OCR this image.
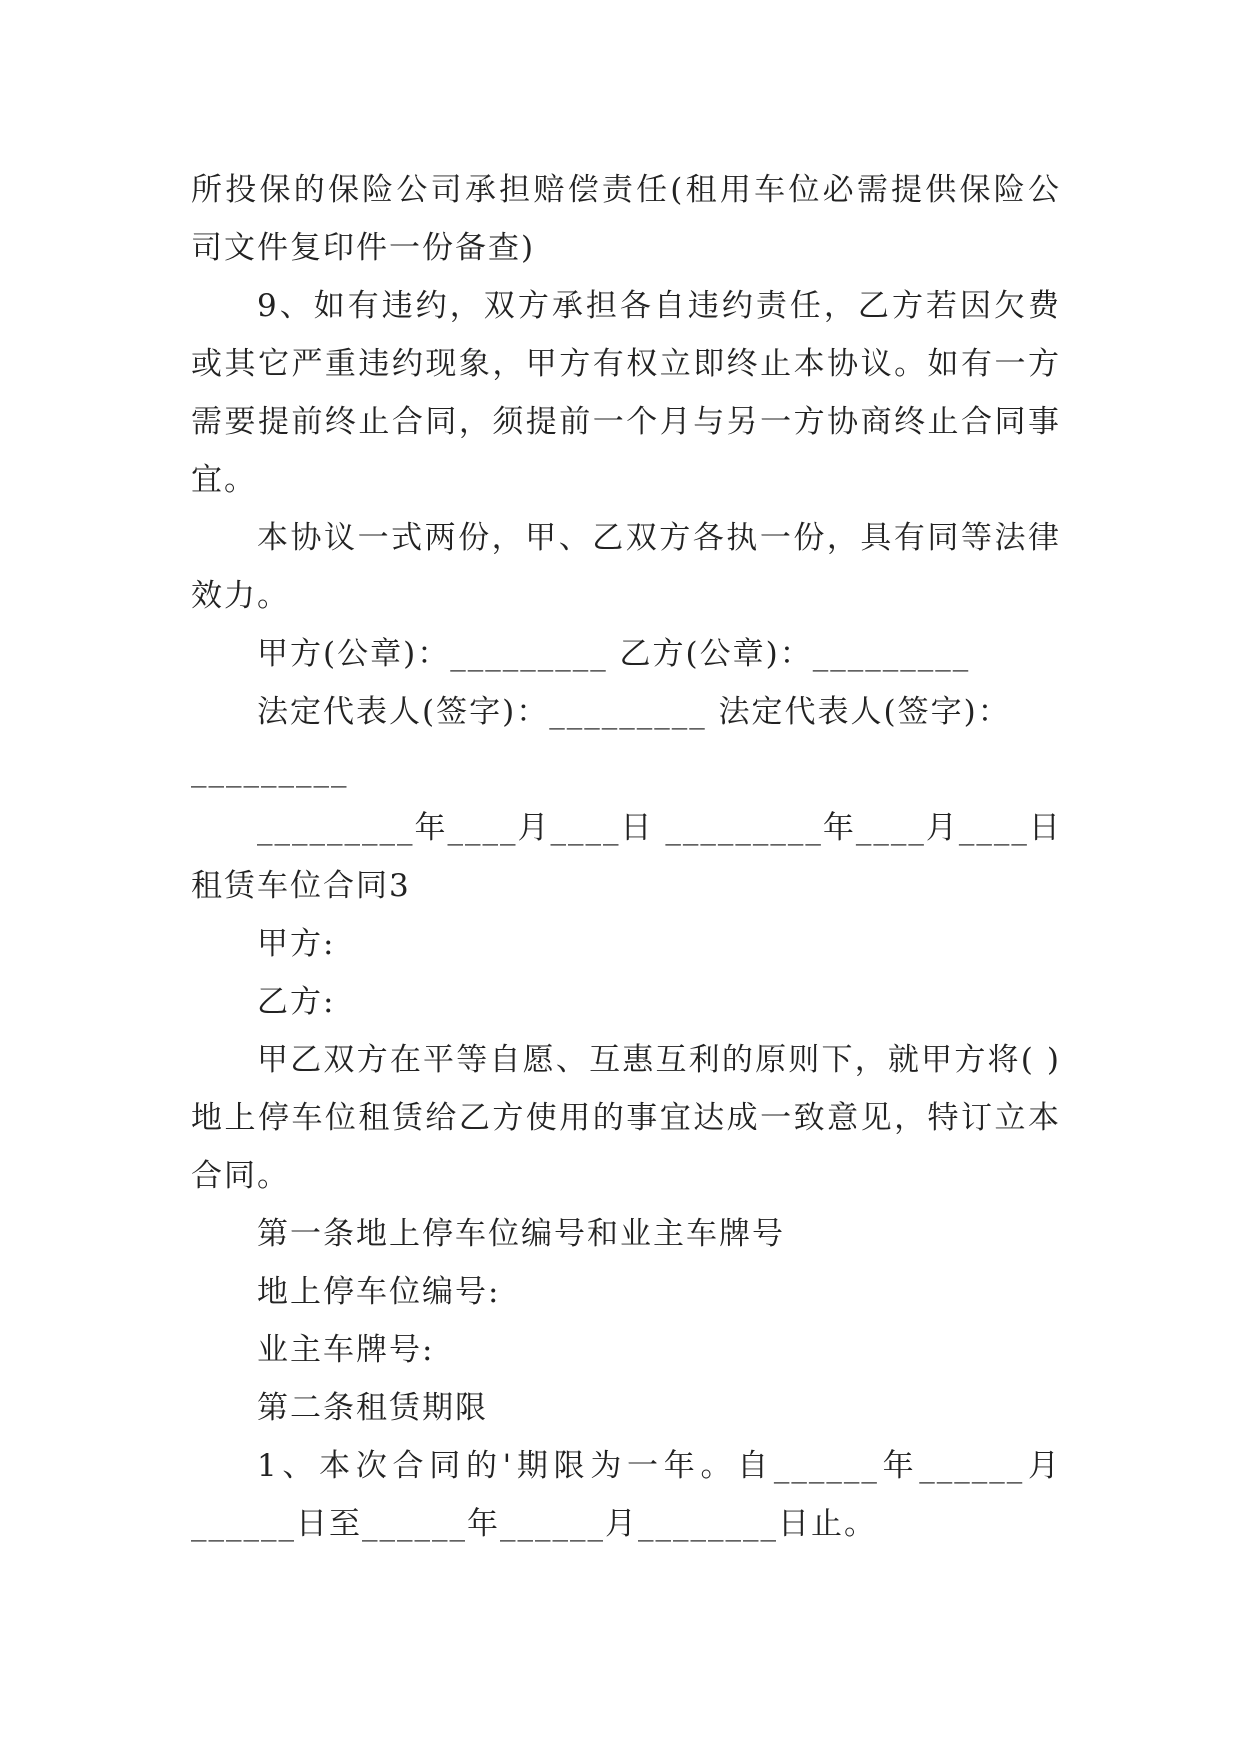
所投保的保险公司承担赔偿责任(租用车位必需提供保险公司文件复印件一份备查)

9、如有违约，双方承担各自违约责任，乙方若因欠费或其它严重违约现象，甲方有权立即终止本协议。如有一方需要提前终止合同，须提前一个月与另一方协商终止合同事宜。

本协议一式两份，甲、乙双方各执一份，具有同等法律效力。

甲方(公章)：_________ 乙方(公章)：_________

法定代表人(签字)：_________ 法定代表人(签字)：

_________

_________年____月____日 _________年____月____日

租赁车位合同3

甲方:

乙方:

甲乙双方在平等自愿、互惠互利的原则下，就甲方将( )地上停车位租赁给乙方使用的事宜达成一致意见，特订立本合同。

第一条地上停车位编号和业主车牌号

地上停车位编号:

业主车牌号:

第二条租赁期限

1、本次合同的'期限为一年。自______年______月______日至______年______月________日止。
